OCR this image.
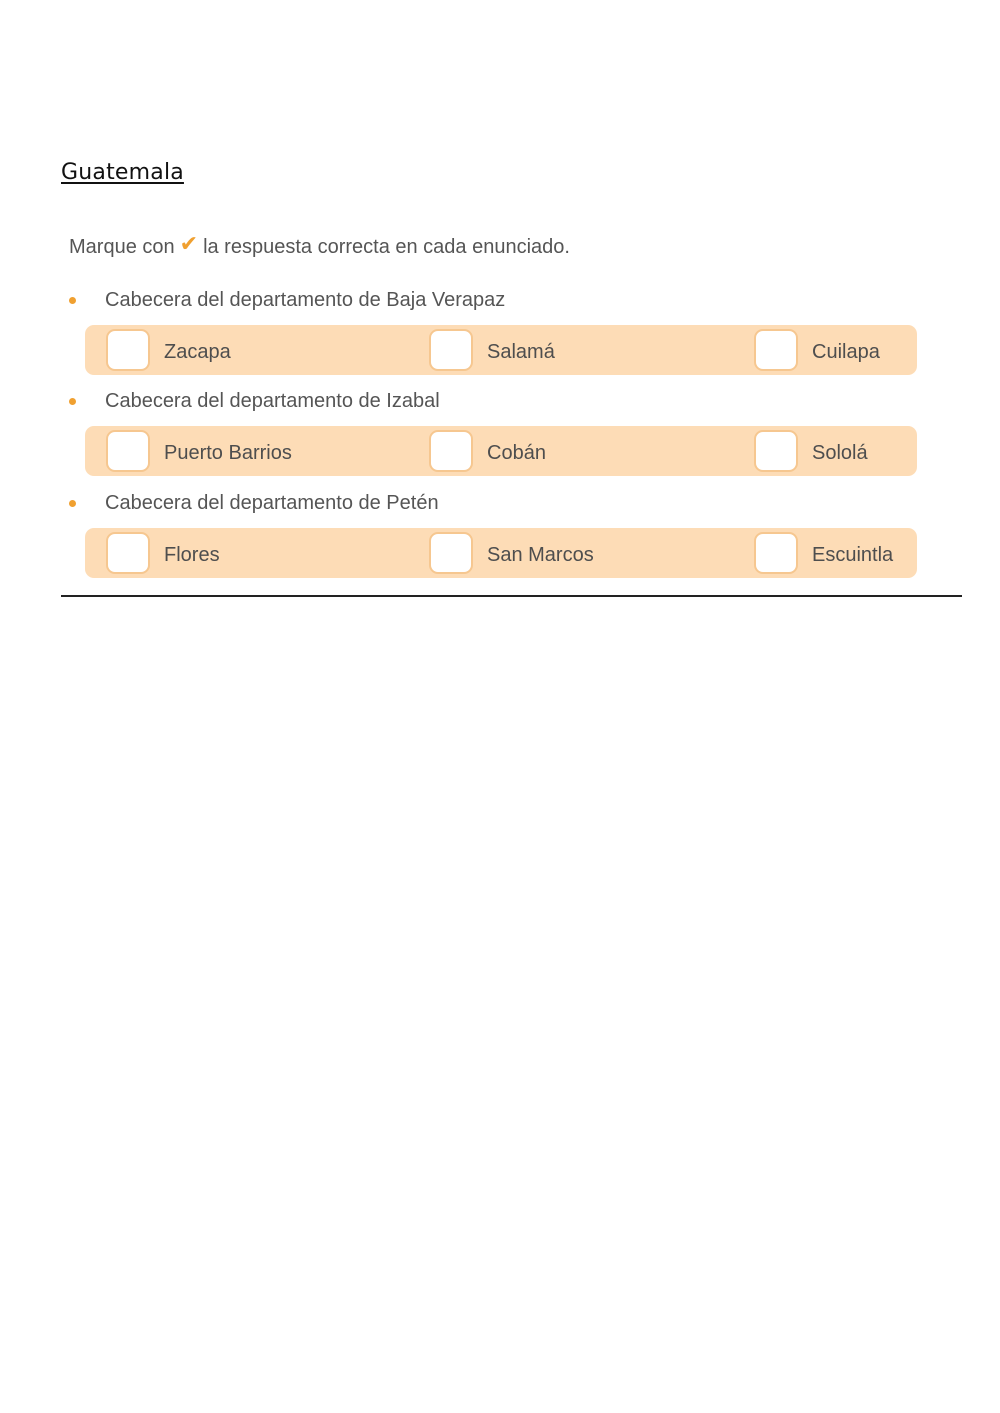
Guatemala
Marque con ✔ la respuesta correcta en cada enunciado.
Cabecera del departamento de Baja Verapaz
Zacapa	Salamá	Cuilapa
Cabecera del departamento de Izabal
Puerto Barrios	Cobán	Sololá
Cabecera del departamento de Petén
Flores	San Marcos	Escuintla
